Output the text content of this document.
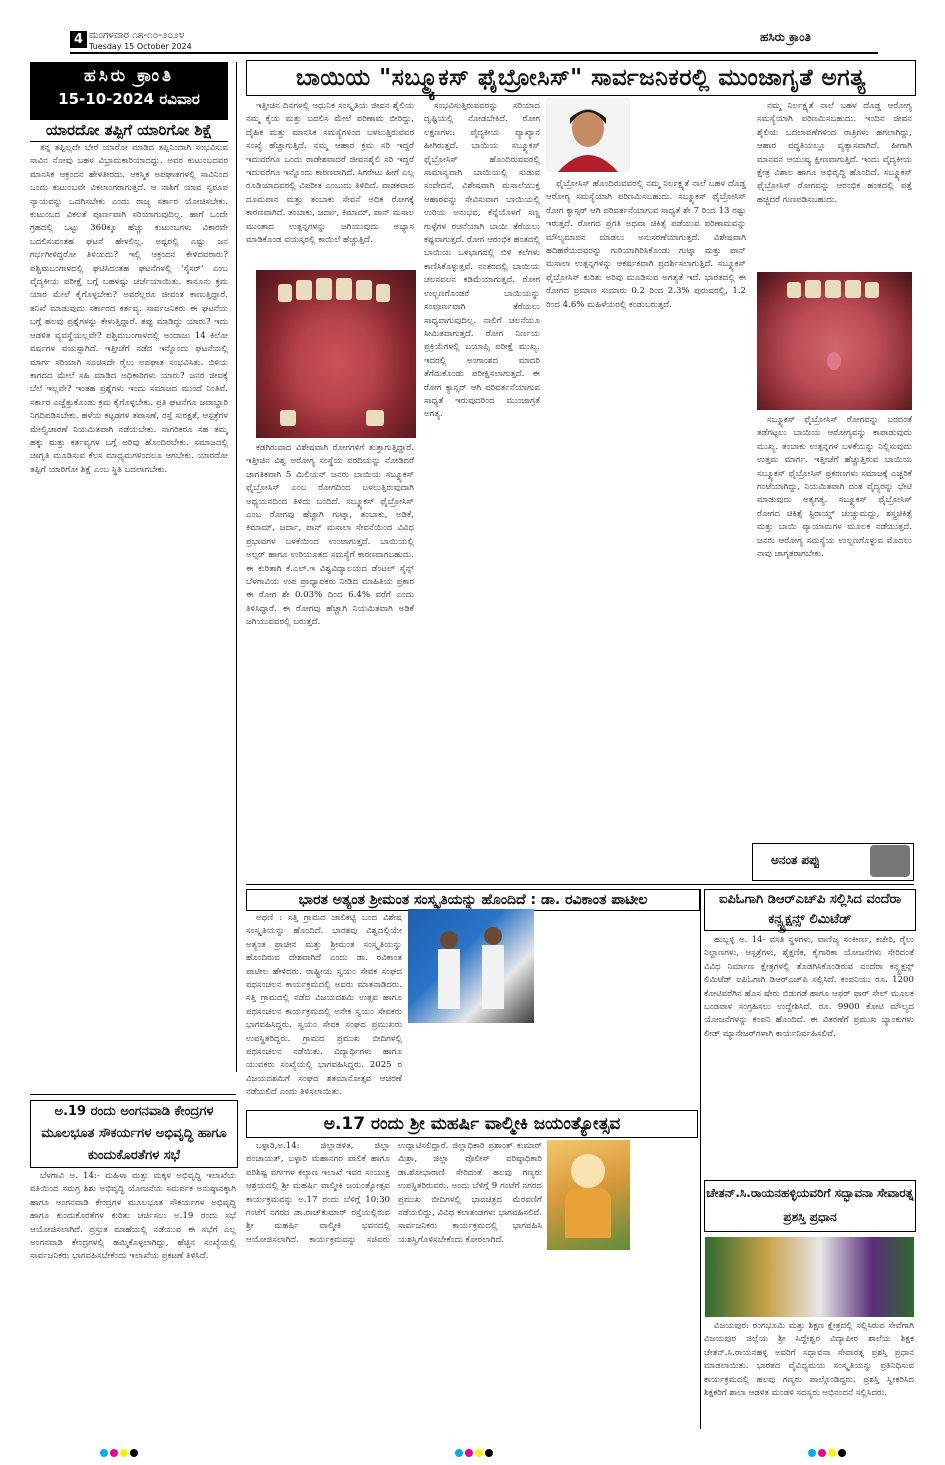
4 ಮಂಗಳವಾರ ೧೫-೧೦-೨೦೨೪
Tuesday 15 October 2024
ಹಸಿರು ಕ್ರಾಂತಿ
ಹಸಿರು ಕ್ರಾಂತಿ
15-10-2024 ರವಿವಾರ
ಯಾರದೋ ತಪ್ಪಿಗೆ ಯಾರಿಗೋ ಶಿಕ್ಷೆ

ತನ್ನ ತಪ್ಪಿಲ್ಲದೇ ಬೇರೆ ಯಾರೋ ಮಾಡಿದ ತಪ್ಪಿನಿಂದಾಗಿ ಸಂಭವಿಸುವ ಸಾವಿನ ನೋವು ಬಹಳ ವಿಭ್ರಾಮಕಾರಿಯಾದದ್ದು. ಅವರ ಕುಟುಂಬದವರ ಮಾನಸಿಕ ಆಕ್ರಂದನ ಹೇಳತೀರದು. ಆಕಸ್ಮಿಕ ಅಪಘಾತಗಳಲ್ಲಿ ಸಾವಿನಿಂದ ಒಂದು ಕುಟುಂಬವೇ ವಿಕಲಾಂಗರಾಗುತ್ತದೆ. ಆ ನಾಶಿಗೆ ಯಾವ ಸ್ವರೂಪ ನ್ಯಾಯವನ್ನು ಒದಗಿಸಬೇಕು ಎಂದು ರಾಜ್ಯ ಸರ್ಕಾರ ಯೋಚಿಸಬೇಕು. ಕುಟುಂಬದ ವಿಕಲತೆ ಪೂರ್ಣವಾಗಿ ಸರಿಯಾಗುವುದಿಲ್ಲ. ಹಾಗೆ ಒಂದೇ ಗ್ರಹದಲ್ಲಿ ಒಟ್ಟು 360ಕ್ಕೂ ಹೆಚ್ಚು ಕುಟುಂಬಗಳು ವಿಕಾರವೇ ಬದಲಿಸುವಂತಹ ಘಟನೆ ಹೇಳಲಿಲ್ಲ. ಅಷ್ಟರಲ್ಲಿ ಎಷ್ಟು ಜನ ಗರ್ಭಗೀಳಿದ್ದರೋ ತಿಳಿಯದು? ಇಲ್ಲಿ ಆಕ್ರಂದನ ಕೇಳಿದವರಾರು? ಪಶ್ಚಿಮಬಂಗಾಳದಲ್ಲಿ ಘಟಿಸಿದಂತಹ ಘಟನೆಗಳಲ್ಲಿ 'ಸೈಸರ್' ಎಂಬ ವೈದ್ಯಕೀಯ ಪರೀಕ್ಷೆ ಬಗ್ಗೆ ಬಹಳಷ್ಟು ಚರ್ಚೆಯಾಯಿತು. ಕಾನೂನು ಕ್ರಮ ಯಾರ ಮೇಲೆ ಕೈಗೊಳ್ಳಬೇಕು? ಅವರೆಲ್ಲರೂ ಜೀವಂತ ಕಾಣುತ್ತಿದ್ದಾರೆ. ತನಿಖೆ ಮಾಡುವುದು ಸರ್ಕಾರದ ಕರ್ತವ್ಯ. ಸಾರ್ವಜನಿಕರು ಈ ಘಟನೆಯ ಬಗ್ಗೆ ಹಲವು ಪ್ರಶ್ನೆಗಳನ್ನು ಕೇಳುತ್ತಿದ್ದಾರೆ. ತಪ್ಪು ಮಾಡಿದ್ದು ಯಾರು? ಇದು ಆಡಳಿತ ವ್ಯವಸ್ಥೆಯಲ್ಲವೇ? ಪಶ್ಚಿಮಬಂಗಾಳದಲ್ಲಿ ಅಂದಾಜು 14 ಕಿಲೋ ವರ್ಷಗಳ ವಯಸ್ಸಾಗಿದೆ. ಇತ್ತೀಚೆಗೆ ನಡೆದ ಇನ್ನೊಂದು ಘಟನೆಯಲ್ಲಿ ಮಾರ್ಗ ಸರಿಯಾಗಿ ಸೂಚಿಸದೇ ರೈಲು ಅಪಘಾತ ಸಂಭವಿಸಿತು. ಬಿಳಿಯ ಕಾಗದದ ಮೇಲೆ ಸಹಿ ಮಾಡಿದ ಅಧಿಕಾರಿಗಳು ಯಾರು? ಜನರ ಜೀವಕ್ಕೆ ಬೆಲೆ ಇಲ್ಲವೇ? ಇಂತಹ ಪ್ರಶ್ನೆಗಳು ಇಂದು ಸಮಾಜದ ಮುಂದೆ ನಿಂತಿವೆ. ಸರ್ಕಾರ ಎಚ್ಚೆತ್ತುಕೊಂಡು ಕ್ರಮ ಕೈಗೊಳ್ಳಬೇಕು. ಪ್ರತಿ ಘಟನೆಗೂ ಜವಾಬ್ದಾರಿ ನಿಗದಿಪಡಿಸಬೇಕು. ಹಳೆಯ ಕಟ್ಟಡಗಳ ತಪಾಸಣೆ, ರಸ್ತೆ ಸುರಕ್ಷತೆ, ಆಸ್ಪತ್ರೆಗಳ ಮೇಲ್ವಿಚಾರಣೆ ನಿಯಮಿತವಾಗಿ ನಡೆಯಬೇಕು. ನಾಗರಿಕರೂ ಸಹ ತಮ್ಮ ಹಕ್ಕು ಮತ್ತು ಕರ್ತವ್ಯಗಳ ಬಗ್ಗೆ ಅರಿವು ಹೊಂದಿರಬೇಕು. ಸಮಾಜದಲ್ಲಿ ಜಾಗೃತಿ ಮೂಡಿಸುವ ಕೆಲಸ ಮಾಧ್ಯಮಗಳಿಂದಲೂ ಆಗಬೇಕು. ಯಾರದೋ ತಪ್ಪಿಗೆ ಯಾರಿಗೋ ಶಿಕ್ಷೆ ಎಂಬ ಸ್ಥಿತಿ ಬದಲಾಗಬೇಕು.

ಬಾಯಿಯ "ಸಬ್ಮ್ಯೂಕಸ್ ಫೈಬ್ರೋಸಿಸ್" ಸಾರ್ವಜನಿಕರಲ್ಲಿ ಮುಂಜಾಗೃತೆ ಅಗತ್ಯ

ಇತ್ತೀಚಿನ ದಿನಗಳಲ್ಲಿ ಅಧುನಿಕ ಸಂಸ್ಕೃತಿಯ ಜೀವನ ಶೈಲಿಯ ನಮ್ಮ ಕೈಯ ಮತ್ತು ಬದಲಿಸ ಮೇಲೆ ಪರಿಣಾಮ ಬೀರಿದ್ದು, ದೈಹಿಕ ಮತ್ತು ಮಾನಸಿಕ ಸಮಸ್ಯೆಗಳಿಂದ ಬಳಲುತ್ತಿರುವವರ ಸಂಖ್ಯೆ ಹೆಚ್ಚಾಗುತ್ತಿದೆ. ನಮ್ಮ ಆಹಾರ ಕ್ರಮ ಸರಿ ಇದ್ದರೆ ಇದುವರೆಗೂ ಒಂದು ರಾಡೇಶವಾದರೆ ಜೀವನಶೈಲಿ ಸರಿ ಇದ್ದರೆ ಇದುವರೆಗೂ ಇನ್ನೊಂದು ಕಾರಣವಾಗಿದೆ. ಸಿಗರೇಟು ಹೀಗೆ ಎಲ್ಲ ರೂಡಿಯಾದವರಲ್ಲಿ ವಿಪರೀತ ಎಂಬುದು ತಿಳಿದಿದೆ. ವಾಡಕವಾದ ದೂಮಪಾನ ಮತ್ತು ತಂಬಾಕು ಸೇವನೆ ಅದಿಕ ರೋಗಕ್ಕೆ ಕಾರಣವಾಗಿದೆ. ತಂಬಾಕು, ಜರ್ದಾ, ಕಿಮಾಮ್, ಪಾನ್ ಮಸಾಲ ಮುಂತಾದ ಉತ್ಪನ್ನಗಳನ್ನು ಜಗಿಯುವುದು ಅಭ್ಯಾಸ ಮಾಡಿಕೊಂಡ ವಯಸ್ಕರಲ್ಲಿ ಕಾಯಿಲೆ ಹೆಚ್ಚುತ್ತಿದೆ.

ಕಡಗಿರುವಾದ ವಿಶೇಷವಾಗಿ ರೋಗಗಳಿಗೆ ತುತ್ತಾಗುತ್ತಿದ್ದಾರೆ. ಇತ್ತೀಚಿನ ವಿಶ್ವ ಆರೋಗ್ಯ ಸಂಸ್ಥೆಯ ವರದಿಯನ್ನು ನೋಡಿದರೆ ಜಾಗತಿಕವಾಗಿ 5 ಮಿಲಿಯನ್ ಜನರು ಬಾಯಿಯ ಸಬ್ಮ್ಯೂಕಸ್ ಫೈಬ್ರೋಸಿಸ್ ಎಂಬ ರೋಗದಿಂದ ಬಳಲುತ್ತಿರುವುದಾಗಿ ಅಧ್ಯಯನದಿಂದ ತಿಳಿದು ಬಂದಿದೆ. ಸಬ್ಮ್ಯೂಕಸ್ ಫೈಬ್ರೋಸಿಸ್ ಎಂಬ ರೋಗವು ಹೆಚ್ಚಾಗಿ ಗುಟ್ಕಾ, ತಂಬಾಕು, ಅಡಿಕೆ, ಕಿಮಾಮ್, ಜರ್ದಾ, ಪಾನ್ ಮಸಾಲಾ ಸೇವನೆಯಿಂದ ವಿವಿಧ ಪ್ರಭಾವಗಳ ಬಳಕೆಯಿಂದ ಉಂಟಾಗುತ್ತದೆ. ಬಾಯಿಯಲ್ಲಿ ಅಲ್ಸರ್ ಹಾಗೂ ಉರಿಯೂತದ ಸಮಸ್ಯೆಗೆ ಕಾರಣವಾಗಬಹುದು. ಈ ಕುರಿತಾಗಿ ಕೆ.ಎಲ್.ಇ ವಿಶ್ವವಿದ್ಯಾಲಯದ ಡೆಂಟಲ್ ಸೈನ್ಸ್ ಬೆಳಗಾವಿಯ ಉಪ ಪ್ರಾಧ್ಯಾಪಕರು ನೀಡಿದ ಮಾಹಿತಿಯ ಪ್ರಕಾರ ಈ ರೋಗ ಶೇ 0.03% ದಿಂದ 6.4% ವರೆಗೆ ಎಂದು ತಿಳಿಸಿದ್ದಾರೆ. ಈ ರೋಗವು ಹೆಚ್ಚಾಗಿ ನಿಯಮಿತವಾಗಿ ಅಡಿಕೆ ಜಗಿಯುವವರಲ್ಲಿ ಬರುತ್ತದೆ.

ಸಂಭವಿಸುತ್ತಿರುವವರನ್ನು ಸರಿಯಾದ ದೃಷ್ಟಿಯಲ್ಲಿ ನೋಡಬೇಕಿದೆ. ರೋಗ ಲಕ್ಷಣಗಳು: ವೈದ್ಯಕೀಯ ವ್ಯಾಖ್ಯಾನ ಹೀಗಿರುತ್ತದೆ. ಬಾಯಿಯ ಸಬ್ಮ್ಯೂಕಸ್ ಫೈಬ್ರೋಸಿಸ್ ಹೊಂದಿರುವವರಲ್ಲಿ ಸಾಮಾನ್ಯವಾಗಿ ಬಾಯಿಯಲ್ಲಿ ಸುಡುವ ಸಂವೇದನೆ, ವಿಶೇಷವಾಗಿ ಮಸಾಲೆಯುಕ್ತ ಆಹಾರವನ್ನು ಸೇವಿಸುವಾಗ ಬಾಯಿಯಲ್ಲಿ ಉರಿಯ ಅನುಭವ, ಕೆನ್ನೆಯೊಳಗೆ ಸಣ್ಣ ಗುಳ್ಳೆಗಳ ರಚನೆಯಾಗಿ ಬಾಯಿ ತೆರೆಯಲು ಕಷ್ಟವಾಗುತ್ತದೆ. ರೋಗ ಆರಂಭಿಕ ಹಂತದಲ್ಲಿ ಬಾಯಿಯ ಒಳಭಾಗದಲ್ಲಿ ಬಿಳಿ ಕಲೆಗಳು ಕಾಣಿಸಿಕೊಳ್ಳುತ್ತವೆ. ನಂತರದಲ್ಲಿ ಬಾಯಿಯ ಚಲನವಲನ ಕಡಿಮೆಯಾಗುತ್ತದೆ. ರೋಗ ಉಲ್ಬಣಗೊಂಡರೆ ಬಾಯಿಯನ್ನು ಸಂಪೂರ್ಣವಾಗಿ ತೆರೆಯಲು ಸಾಧ್ಯವಾಗುವುದಿಲ್ಲ. ನಾಲಿಗೆ ಚಲನೆಯೂ ಸೀಮಿತವಾಗುತ್ತದೆ. ರೋಗ ನಿರ್ಣಯ ಪ್ರಕ್ರಿಯೆಗಳಲ್ಲಿ ಬಯಾಪ್ಸಿ ಪರೀಕ್ಷೆ ಮುಖ್ಯ. ಇದರಲ್ಲಿ ಅಂಗಾಂಶದ ಮಾದರಿ ತೆಗೆದುಕೊಂಡು ಪರೀಕ್ಷಿಸಲಾಗುತ್ತದೆ. ಈ ರೋಗ ಕ್ಯಾನ್ಸರ್ ಆಗಿ ಪರಿವರ್ತನೆಯಾಗುವ ಸಾಧ್ಯತೆ ಇರುವುದರಿಂದ ಮುಂಜಾಗ್ರತೆ ಅಗತ್ಯ.

ಫೈಬ್ರೋಸಿಸ್ ಹೊಂದಿರುವವರಲ್ಲಿ ನಮ್ಮ ನಿರ್ಲಕ್ಷ್ಯತೆ ನಾಲೆ ಬಹಳ ದೊಡ್ಡ ಆರೋಗ್ಯ ಸಮಸ್ಯೆಯಾಗಿ ಪರಿಣಮಿಸಬಹುದು. ಸಬ್ಮ್ಯೂಕಸ್ ಫೈಬ್ರೋಸಿಸ್ ರೋಗ ಕ್ಯಾನ್ಸರ್ ಆಗಿ ಪರಿವರ್ತನೆಯಾಗುವ ಸಾಧ್ಯತೆ ಶೇ 7 ರಿಂದ 13 ರಷ್ಟು ಇರುತ್ತದೆ. ರೋಗದ ಪ್ರಗತಿ ಅಥವಾ ಚಿಕಿತ್ಸೆ ಪಡೆಯುವ ಪರಿಣಾಮವನ್ನು ಮೌಲ್ಯಮಾಪನ ಮಾಡಲು ಅನುಸರಣೆಯಾಗುತ್ತದೆ. ವಿಶೇಷವಾಗಿ ಹದಿಹರೆಯದವರನ್ನು ಗುರಿಯಾಗಿರಿಸಿಕೊಂಡು ಗುಟ್ಕಾ ಮತ್ತು ಪಾನ್ ಮಸಾಲಾ ಉತ್ಪನ್ನಗಳನ್ನು ಆಕರ್ಷಕವಾಗಿ ಪ್ರದರ್ಶಿಸಲಾಗುತ್ತಿದೆ. ಸಬ್ಮ್ಯೂಕಸ್ ಫೈಬ್ರೋಸಿಸ್ ಕುರಿತು ಅರಿವು ಮೂಡಿಸುವ ಅಗತ್ಯತೆ ಇದೆ. ಭಾರತದಲ್ಲಿ ಈ ರೋಗದ ಪ್ರಮಾಣ ಸುಮಾರು 0.2 ರಿಂದ 2.3% ಪುರುಷರಲ್ಲಿ, 1.2 ರಿಂದ 4.6% ಮಹಿಳೆಯರಲ್ಲಿ ಕಂಡುಬರುತ್ತದೆ.

ನಮ್ಮ ನಿರ್ಲಕ್ಷ್ಯತೆ ನಾಲೆ ಬಹಳ ದೊಡ್ಡ ಆರೋಗ್ಯ ಸಮಸ್ಯೆಯಾಗಿ ಪರಿಣಮಿಸಬಹುದು. ಇಂದಿನ ಜೀವನ ಶೈಲಿಯ ಬದಲಾವಣೆಗಳಿಂದ ರಾತ್ರಿಗಳು ಹಗಲಾಗಿದ್ದು, ಆಹಾರ ಪದ್ಧತಿಯಲ್ಲೂ ವ್ಯತ್ಯಾಸವಾಗಿದೆ. ಹೀಗಾಗಿ ಮಾನವನ ಆಯುಷ್ಯ ಕ್ಷೀಣವಾಗುತ್ತಿದೆ. ಇಂದು ವೈದ್ಯಕೀಯ ಕ್ಷೇತ್ರ ವಿಶಾಲ ಹಾಗೂ ಅಭಿವೃದ್ಧಿ ಹೊಂದಿದೆ. ಸಬ್ಮ್ಯೂಕಸ್ ಫೈಬ್ರೋಸಿಸ್ ರೋಗವನ್ನು ಆರಂಭಿಕ ಹಂತದಲ್ಲಿ ಪತ್ತೆ ಹಚ್ಚಿದರೆ ಗುಣಪಡಿಸಬಹುದು.

ಸಬ್ಮ್ಯೂಕಸ್ ಫೈಬ್ರೋಸಿಸ್ ರೋಗವನ್ನು ಬರದಂತೆ ತಡೆಗಟ್ಟಲು ಬಾಯಿಯ ಆರೋಗ್ಯವನ್ನು ಕಾಪಾಡುವುದು ಮುಖ್ಯ. ತಂಬಾಕು ಉತ್ಪನ್ನಗಳ ಬಳಕೆಯನ್ನು ನಿಲ್ಲಿಸುವುದು ಉತ್ತಮ ಮಾರ್ಗ. ಇತ್ತೀಚೆಗೆ ಹೆಚ್ಚುತ್ತಿರುವ ಬಾಯಿಯ ಸಬ್ಮ್ಯೂಕಸ್ ಫೈಬ್ರೋಸಿಸ್ ಪ್ರಕರಣಗಳು ಸಮಾಜಕ್ಕೆ ಎಚ್ಚರಿಕೆ ಗಂಟೆಯಾಗಿದ್ದು, ನಿಯಮಿತವಾಗಿ ದಂತ ವೈದ್ಯರನ್ನು ಭೇಟಿ ಮಾಡುವುದು ಅತ್ಯಗತ್ಯ. ಸಬ್ಮ್ಯೂಕಸ್ ಫೈಬ್ರೋಸಿಸ್ ರೋಗದ ಚಿಕಿತ್ಸೆ ಸ್ಟಿರಾಯ್ಡ್ ಚುಚ್ಚುಮದ್ದು, ಶಸ್ತ್ರಚಿಕಿತ್ಸೆ ಮತ್ತು ಬಾಯಿ ವ್ಯಾಯಾಮಗಳ ಮೂಲಕ ನಡೆಯುತ್ತದೆ. ಜನರು ಆರೋಗ್ಯ ಸಮಸ್ಯೆಯ ಉಲ್ಬಣಗೊಳ್ಳುವ ಮೊದಲು ನಾವು ಜಾಗೃತರಾಗಬೇಕು.

ಅನಂತ ಪಪ್ಪು
ಭಾರತ ಅತ್ಯಂತ ಶ್ರೀಮಂತ ಸಂಸ್ಕೃತಿಯನ್ನು ಹೊಂದಿದೆ : ಡಾ. ರವಿಕಾಂತ ಪಾಟೀಲ

ಅಥಣಿ : ಸತ್ತಿ ಗ್ರಾಮದ ಜಾಲಿಕಟ್ಟಿ ಬಂದ ವಿಶೇಷ ಸಂಸ್ಕೃತಿಯನ್ನು ಹೊಂದಿದೆ. ಭಾರತವು ವಿಶ್ವದಲ್ಲಿಯೇ ಅತ್ಯಂತ ಪ್ರಾಚೀನ ಮತ್ತು ಶ್ರೀಮಂತ ಸಂಸ್ಕೃತಿಯನ್ನು ಹೊಂದಿರುವ ದೇಶವಾಗಿದೆ ಎಂದು ಡಾ. ರವಿಕಾಂತ ಪಾಟೀಲ ಹೇಳಿದರು. ರಾಷ್ಟ್ರೀಯ ಸ್ವಯಂ ಸೇವಕ ಸಂಘದ ಪಥಸಂಚಲನ ಕಾರ್ಯಕ್ರಮದಲ್ಲಿ ಅವರು ಮಾತನಾಡಿದರು. ಸತ್ತಿ ಗ್ರಾಮದಲ್ಲಿ ನಡೆದ ವಿಜಯದಶಮಿ ಉತ್ಸವ ಹಾಗೂ ಪಥಸಂಚಲನ ಕಾರ್ಯಕ್ರಮದಲ್ಲಿ ಅನೇಕ ಸ್ವಯಂ ಸೇವಕರು ಭಾಗವಹಿಸಿದ್ದರು. ಸ್ವಯಂ ಸೇವಕ ಸಂಘದ ಪ್ರಮುಖರು ಉಪಸ್ಥಿತರಿದ್ದರು. ಗ್ರಾಮದ ಪ್ರಮುಖ ಬೀದಿಗಳಲ್ಲಿ ಪಥಸಂಚಲನ ನಡೆಯಿತು. ವಿದ್ಯಾರ್ಥಿಗಳು ಹಾಗೂ ಯುವಕರು ಸಂಖ್ಯೆಯಲ್ಲಿ ಭಾಗವಹಿಸಿದ್ದರು. 2025 ರ ವಿಜಯದಶಮಿಗೆ ಸಂಘದ ಶತಮಾನೋತ್ಸವ ಆಚರಣೆ ನಡೆಯಲಿದೆ ಎಂದು ತಿಳಿಸಲಾಯಿತು.

ಐಪಿಓಗಾಗಿ ಡಿಆರ್‌ಎಚ್‌ಪಿ ಸಲ್ಲಿಸಿದ ವಂದೆರಾ ಕನ್ಸ್ಟ್ರಕ್ಷನ್ಸ್ ಲಿಮಿಟೆಡ್

ಹುಬ್ಬಳ್ಳಿ ಅ. 14- ವಸತಿ ಸ್ಥಳಗಳು, ವಾಣಿಜ್ಯ ಸಂಕೀರ್ಣ, ಕಚೇರಿ, ರೈಲು ನಿಲ್ದಾಣಗಳು, ಆಸ್ಪತ್ರೆಗಳು, ಶೈಕ್ಷಣಿಕ, ಕೈಗಾರಿಕಾ ಯೋಜನೆಗಳು ಸೇರಿದಂತೆ ವಿವಿಧ ನಿರ್ಮಾಣ ಕ್ಷೇತ್ರಗಳಲ್ಲಿ ತೊಡಗಿಸಿಕೊಂಡಿರುವ ವಂದೆರಾ ಕನ್ಸ್ಟ್ರಕ್ಷನ್ಸ್ ಲಿಮಿಟೆಡ್ ಐಪಿಓಗಾಗಿ ಡಿಆರ್‌ಎಚ್‌ಪಿ ಸಲ್ಲಿಸಿದೆ. ಕಂಪನಿಯು ರೂ. 1200 ಕೋಟಿವರೆಗಿನ ಹೊಸ ಷೇರು ಬಿಡುಗಡೆ ಹಾಗೂ ಆಫರ್ ಫಾರ್ ಸೇಲ್ ಮೂಲಕ ಬಂಡವಾಳ ಸಂಗ್ರಹಿಸಲು ಉದ್ದೇಶಿಸಿದೆ. ರೂ. 9900 ಕೋಟಿ ಮೌಲ್ಯದ ಯೋಜನೆಗಳನ್ನು ಕಂಪನಿ ಹೊಂದಿದೆ. ಈ ವಿತರಣೆಗೆ ಪ್ರಮುಖ ಬ್ಯಾಂಕುಗಳು ಲೀಡ್ ಮ್ಯಾನೇಜರ್‌ಗಳಾಗಿ ಕಾರ್ಯನಿರ್ವಹಿಸಲಿವೆ.

ಅ.17 ರಂದು ಶ್ರೀ ಮಹರ್ಷಿ ವಾಲ್ಮೀಕಿ ಜಯಂತ್ಯೋತ್ಸವ

ಬಳ್ಳಾರಿ,ಅ.14: ಜಿಲ್ಲಾಡಳಿತ, ಜಿಲ್ಲಾ ಪಂಚಾಯತ್, ಬಳ್ಳಾರಿ ಮಹಾನಗರ ಪಾಲಿಕೆ ಹಾಗೂ ಪರಿಶಿಷ್ಟ ವರ್ಗಗಳ ಕಲ್ಯಾಣ ಇಲಾಖೆ ಇವರ ಸಂಯುಕ್ತ ಆಶ್ರಯದಲ್ಲಿ ಶ್ರೀ ಮಹರ್ಷಿ ವಾಲ್ಮೀಕಿ ಜಯಂತ್ಯೋತ್ಸವ ಕಾರ್ಯಕ್ರಮವನ್ನು ಅ.17 ರಂದು ಬೆಳಿಗ್ಗೆ 10:30 ಗಂಟೆಗೆ ನಗರದ ಡಾ.ರಾಜ್‌ಕುಮಾರ್ ರಸ್ತೆಯಲ್ಲಿರುವ ಶ್ರೀ ಮಹರ್ಷಿ ವಾಲ್ಮೀಕಿ ಭವನದಲ್ಲಿ ಆಯೋಜಿಸಲಾಗಿದೆ. ಕಾರ್ಯಕ್ರಮವನ್ನು ಸಚಿವರು ಉದ್ಘಾಟಿಸಲಿದ್ದಾರೆ. ಜಿಲ್ಲಾಧಿಕಾರಿ ಪ್ರಶಾಂತ್ ಕುಮಾರ್ ಮಿಶ್ರಾ, ಜಿಲ್ಲಾ ಪೊಲೀಸ್ ವರಿಷ್ಠಾಧಿಕಾರಿ ಡಾ.ಶೋಭಾರಾಣಿ ಸೇರಿದಂತೆ ಹಲವು ಗಣ್ಯರು ಉಪಸ್ಥಿತರಿರುವರು. ಅಂದು ಬೆಳಿಗ್ಗೆ 9 ಗಂಟೆಗೆ ನಗರದ ಪ್ರಮುಖ ಬೀದಿಗಳಲ್ಲಿ ಭಾವಚಿತ್ರದ ಮೆರವಣಿಗೆ ನಡೆಯಲಿದ್ದು, ವಿವಿಧ ಕಲಾತಂಡಗಳು ಭಾಗವಹಿಸಲಿವೆ. ಸಾರ್ವಜನಿಕರು ಕಾರ್ಯಕ್ರಮದಲ್ಲಿ ಭಾಗವಹಿಸಿ ಯಶಸ್ವಿಗೊಳಿಸಬೇಕೆಂದು ಕೋರಲಾಗಿದೆ.

ಚೇತನ್.ಸಿ.ರಾಯನಹಳ್ಳಿಯವರಿಗೆ ಸದ್ಭಾವನಾ ಸೇವಾರತ್ನ ಪ್ರಶಸ್ತಿ ಪ್ರಧಾನ

ವಿಜಯಪುರ: ರಂಗಭೂಮಿ ಮತ್ತು ಶಿಕ್ಷಣ ಕ್ಷೇತ್ರದಲ್ಲಿ ಸಲ್ಲಿಸಿರುವ ಸೇವೆಗಾಗಿ ವಿಜಯಪುರ ಜಿಲ್ಲೆಯ ಶ್ರೀ ಸಿದ್ದೇಶ್ವರ ವಿದ್ಯಾಪೀಠ ಶಾಲೆಯ ಶಿಕ್ಷಕ ಚೇತನ್.ಸಿ.ರಾಯನಹಳ್ಳಿ ಅವರಿಗೆ ಸದ್ಭಾವನಾ ಸೇವಾರತ್ನ ಪ್ರಶಸ್ತಿ ಪ್ರಧಾನ ಮಾಡಲಾಯಿತು. ಭಾರತದ ವೈವಿಧ್ಯಮಯ ಸಂಸ್ಕೃತಿಯನ್ನು ಪ್ರತಿನಿಧಿಸುವ ಕಾರ್ಯಕ್ರಮದಲ್ಲಿ ಹಲವು ಗಣ್ಯರು ಪಾಲ್ಗೊಂಡಿದ್ದರು. ಪ್ರಶಸ್ತಿ ಸ್ವೀಕರಿಸಿದ ಶಿಕ್ಷಕರಿಗೆ ಶಾಲಾ ಆಡಳಿತ ಮಂಡಳಿ ಸದಸ್ಯರು ಅಭಿನಂದನೆ ಸಲ್ಲಿಸಿದರು.

ಅ.19 ರಂದು ಅಂಗನವಾಡಿ ಕೇಂದ್ರಗಳ ಮೂಲಭೂತ ಸೌಕರ್ಯಗಳ ಅಭಿವೃದ್ಧಿ ಹಾಗೂ ಕುಂದುಕೊರತೆಗಳ ಸಭೆ

ಬೆಳಗಾವಿ ಅ. 14:- ಮಹಿಳಾ ಮತ್ತು ಮಕ್ಕಳ ಅಭಿವೃದ್ಧಿ ಇಲಾಖೆಯ ವತಿಯಿಂದ ಸಮಗ್ರ ಶಿಶು ಅಭಿವೃದ್ಧಿ ಯೋಜನೆಯ ಸಮರ್ಪಕ ಅನುಷ್ಠಾನಕ್ಕಾಗಿ ಹಾಗೂ ಅಂಗನವಾಡಿ ಕೇಂದ್ರಗಳ ಮೂಲಭೂತ ಸೌಕರ್ಯಗಳ ಅಭಿವೃದ್ಧಿ ಹಾಗೂ ಕುಂದುಕೊರತೆಗಳ ಕುರಿತು ಚರ್ಚಿಸಲು ಅ.19 ರಂದು ಸಭೆ ಆಯೋಜಿಸಲಾಗಿದೆ. ಪ್ರಸ್ತುತ ಮಾಹೆಯಲ್ಲಿ ನಡೆಯುವ ಈ ಸಭೆಗೆ ಎಲ್ಲ ಅಂಗನವಾಡಿ ಕೇಂದ್ರಗಳಲ್ಲಿ ಹಮ್ಮಿಕೊಳ್ಳಲಾಗಿದ್ದು, ಹೆಚ್ಚಿನ ಸಂಖ್ಯೆಯಲ್ಲಿ ಸಾರ್ವಜನಿಕರು ಭಾಗವಹಿಸಬೇಕೆಂದು ಇಲಾಖೆಯ ಪ್ರಕಟಣೆ ತಿಳಿಸಿದೆ.
